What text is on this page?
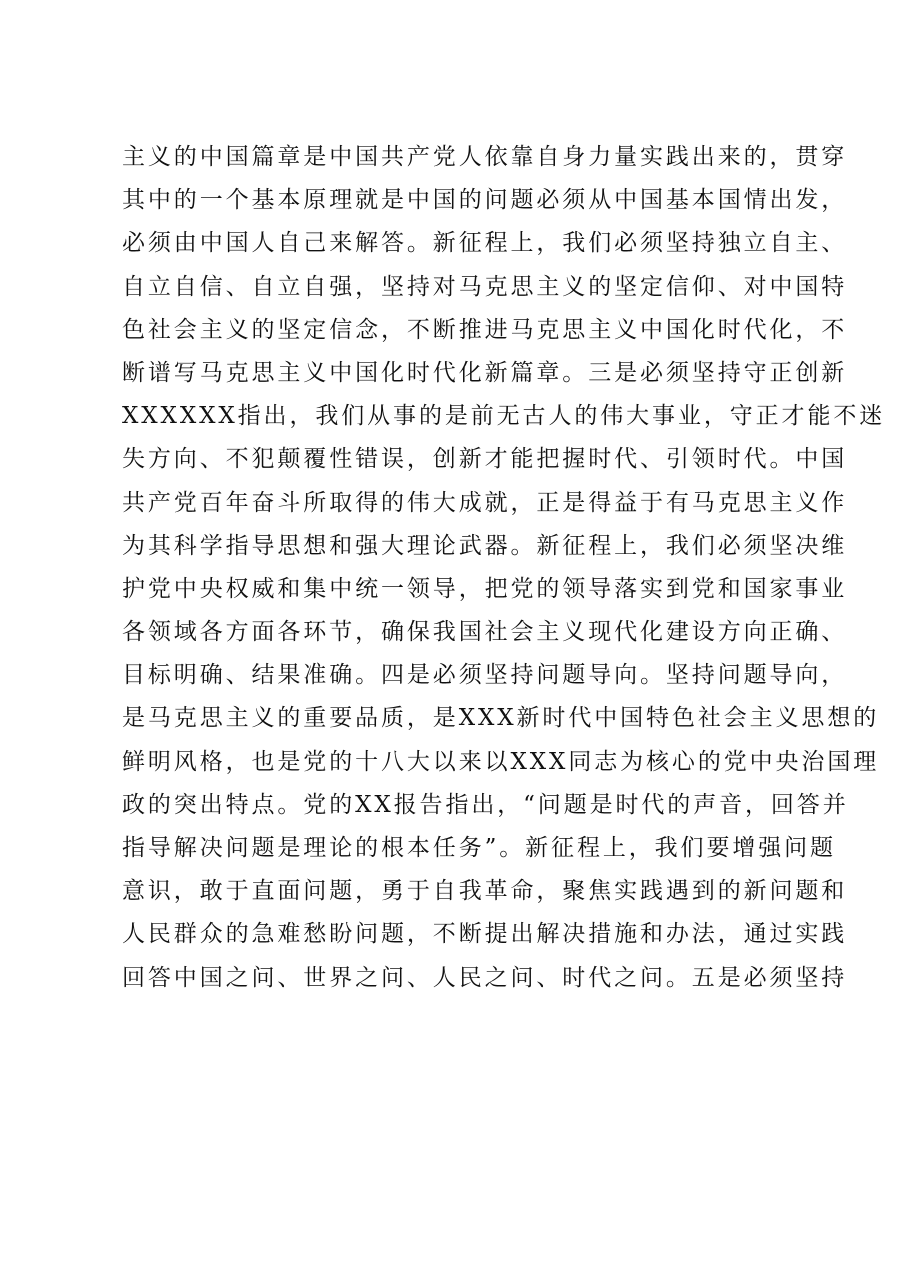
主义的中国篇章是中国共产党人依靠自身力量实践出来的，贯穿
其中的一个基本原理就是中国的问题必须从中国基本国情出发，
必须由中国人自己来解答。新征程上，我们必须坚持独立自主、
自立自信、自立自强，坚持对马克思主义的坚定信仰、对中国特
色社会主义的坚定信念，不断推进马克思主义中国化时代化，不
断谱写马克思主义中国化时代化新篇章。三是必须坚持守正创新
XXXXXX指出，我们从事的是前无古人的伟大事业，守正才能不迷
失方向、不犯颠覆性错误，创新才能把握时代、引领时代。中国
共产党百年奋斗所取得的伟大成就，正是得益于有马克思主义作
为其科学指导思想和强大理论武器。新征程上，我们必须坚决维
护党中央权威和集中统一领导，把党的领导落实到党和国家事业
各领域各方面各环节，确保我国社会主义现代化建设方向正确、
目标明确、结果准确。四是必须坚持问题导向。坚持问题导向，
是马克思主义的重要品质，是XXX新时代中国特色社会主义思想的
鲜明风格，也是党的十八大以来以XXX同志为核心的党中央治国理
政的突出特点。党的XX报告指出，“问题是时代的声音，回答并
指导解决问题是理论的根本任务”。新征程上，我们要增强问题
意识，敢于直面问题，勇于自我革命，聚焦实践遇到的新问题和
人民群众的急难愁盼问题，不断提出解决措施和办法，通过实践
回答中国之问、世界之问、人民之问、时代之问。五是必须坚持
